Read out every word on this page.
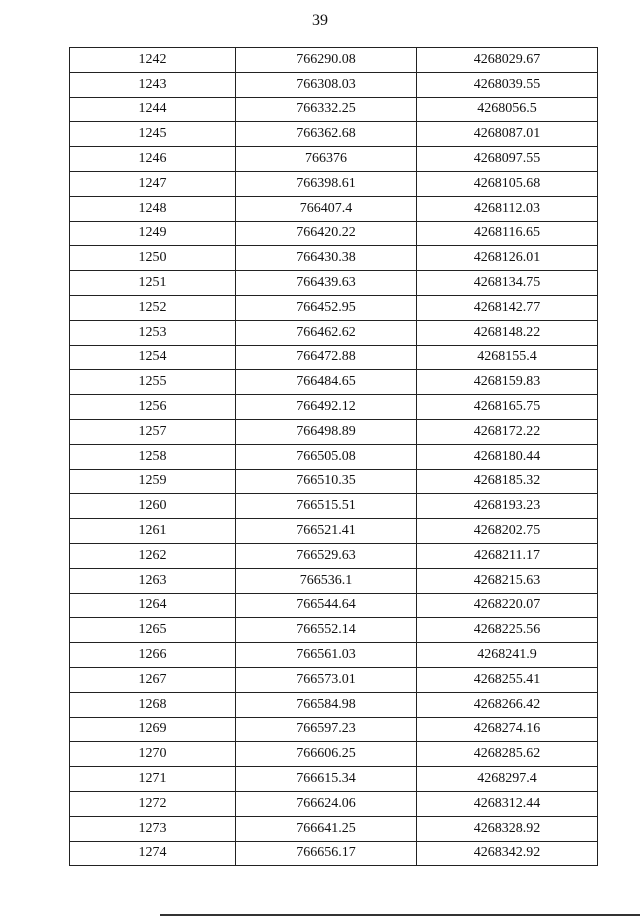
39
1242	766290.08	4268029.67
1243	766308.03	4268039.55
1244	766332.25	4268056.5
1245	766362.68	4268087.01
1246	766376	4268097.55
1247	766398.61	4268105.68
1248	766407.4	4268112.03
1249	766420.22	4268116.65
1250	766430.38	4268126.01
1251	766439.63	4268134.75
1252	766452.95	4268142.77
1253	766462.62	4268148.22
1254	766472.88	4268155.4
1255	766484.65	4268159.83
1256	766492.12	4268165.75
1257	766498.89	4268172.22
1258	766505.08	4268180.44
1259	766510.35	4268185.32
1260	766515.51	4268193.23
1261	766521.41	4268202.75
1262	766529.63	4268211.17
1263	766536.1	4268215.63
1264	766544.64	4268220.07
1265	766552.14	4268225.56
1266	766561.03	4268241.9
1267	766573.01	4268255.41
1268	766584.98	4268266.42
1269	766597.23	4268274.16
1270	766606.25	4268285.62
1271	766615.34	4268297.4
1272	766624.06	4268312.44
1273	766641.25	4268328.92
1274	766656.17	4268342.92
